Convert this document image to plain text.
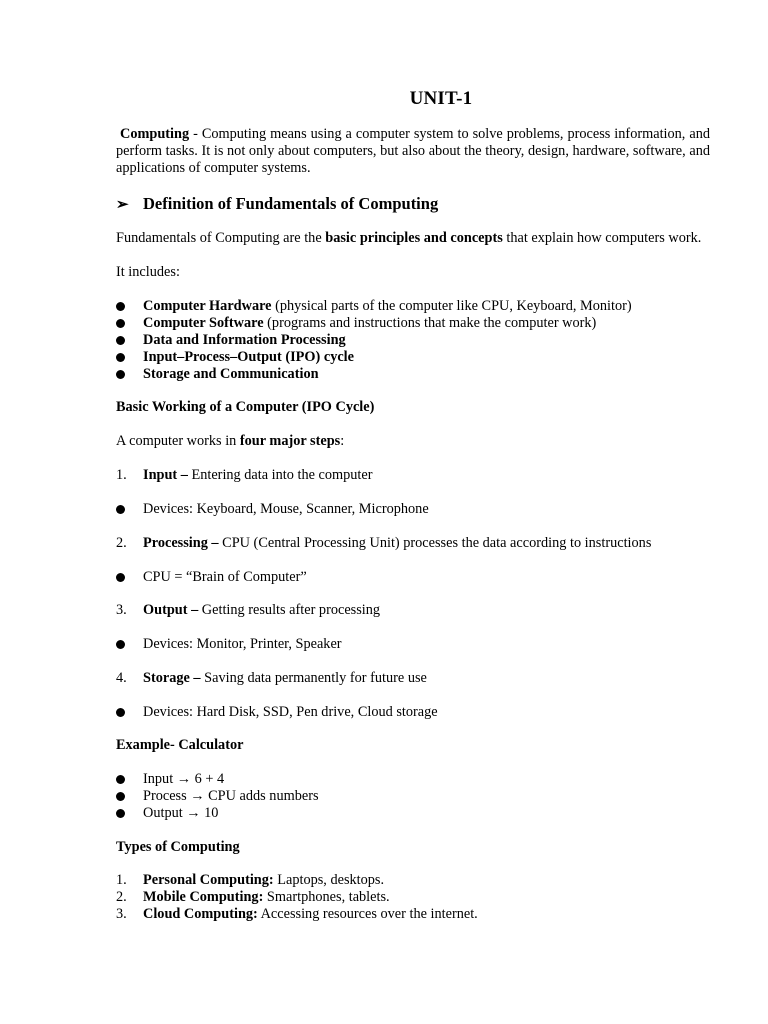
UNIT-1
Computing - Computing means using a computer system to solve problems, process information, and perform tasks. It is not only about computers, but also about the theory, design, hardware, software, and applications of computer systems.
➢ Definition of Fundamentals of Computing
Fundamentals of Computing are the basic principles and concepts that explain how computers work.
It includes:
Computer Hardware (physical parts of the computer like CPU, Keyboard, Monitor)
Computer Software (programs and instructions that make the computer work)
Data and Information Processing
Input–Process–Output (IPO) cycle
Storage and Communication
Basic Working of a Computer (IPO Cycle)
A computer works in four major steps:
1. Input – Entering data into the computer
Devices: Keyboard, Mouse, Scanner, Microphone
2. Processing – CPU (Central Processing Unit) processes the data according to instructions
CPU = “Brain of Computer”
3. Output – Getting results after processing
Devices: Monitor, Printer, Speaker
4. Storage – Saving data permanently for future use
Devices: Hard Disk, SSD, Pen drive, Cloud storage
Example- Calculator
Input → 6 + 4
Process → CPU adds numbers
Output → 10
Types of Computing
1. Personal Computing: Laptops, desktops.
2. Mobile Computing: Smartphones, tablets.
3. Cloud Computing: Accessing resources over the internet.
